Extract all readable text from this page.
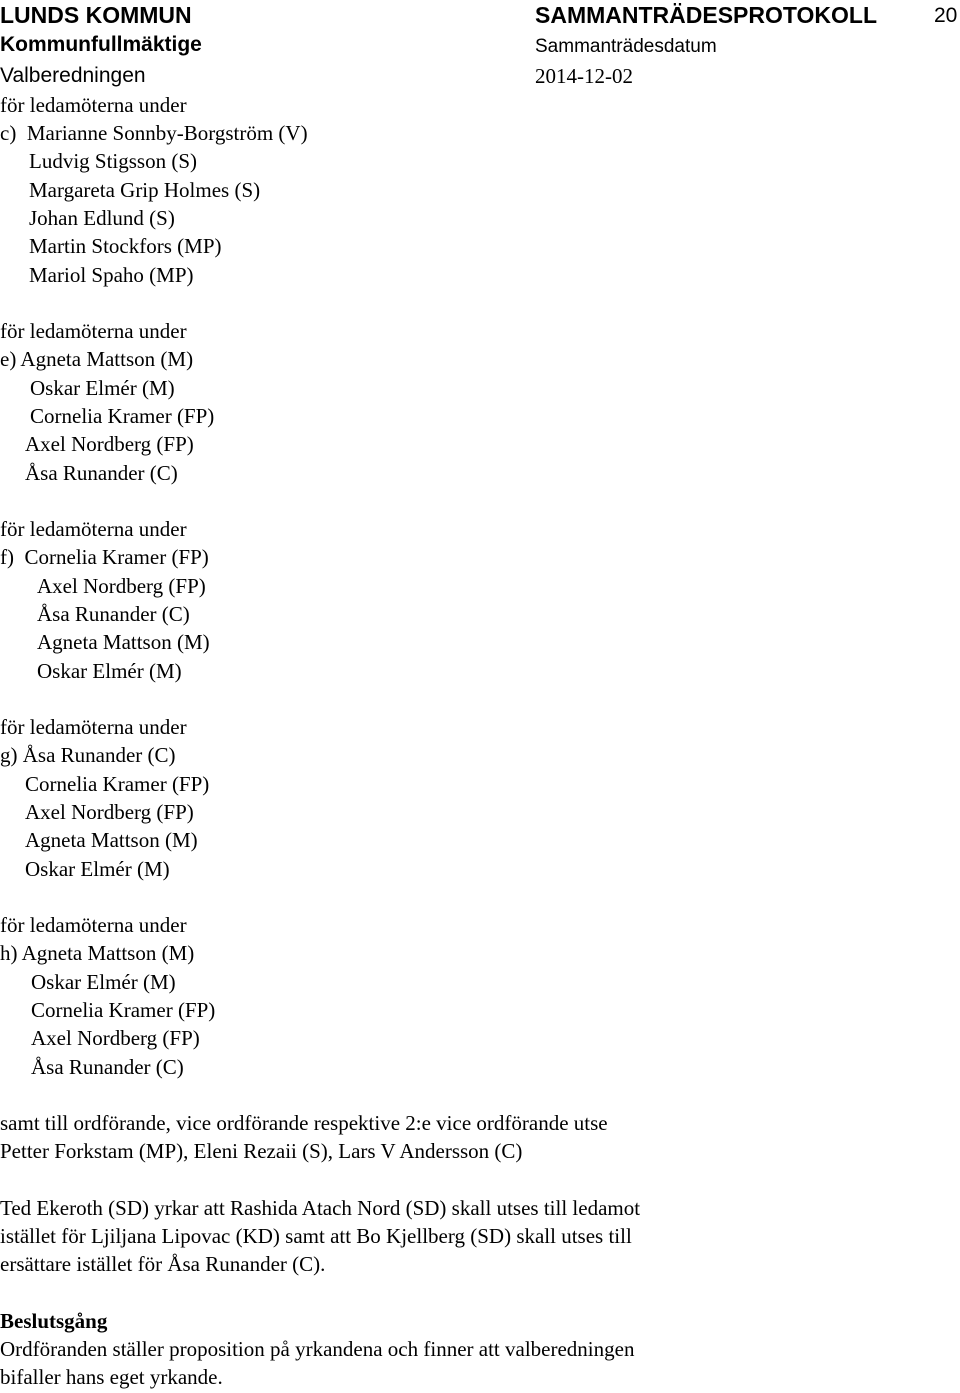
LUNDS KOMMUN
Kommunfullmäktige
Valberedningen
SAMMANTRÄDESPROTOKOLL
Sammanträdesdatum
2014-12-02
20
för ledamöterna under
c) Marianne Sonnby-Borgström (V)
Ludvig Stigsson (S)
Margareta Grip Holmes (S)
Johan Edlund (S)
Martin Stockfors (MP)
Mariol Spaho (MP)
för ledamöterna under
e) Agneta Mattson (M)
Oskar Elmér (M)
Cornelia Kramer (FP)
Axel Nordberg (FP)
Åsa Runander (C)
för ledamöterna under
f) Cornelia Kramer (FP)
Axel Nordberg (FP)
Åsa Runander (C)
Agneta Mattson (M)
Oskar Elmér (M)
för ledamöterna under
g) Åsa Runander (C)
Cornelia Kramer (FP)
Axel Nordberg (FP)
Agneta Mattson (M)
Oskar Elmér (M)
för ledamöterna under
h) Agneta Mattson (M)
Oskar Elmér (M)
Cornelia Kramer (FP)
Axel Nordberg (FP)
Åsa Runander (C)
samt till ordförande, vice ordförande respektive 2:e vice ordförande utse
Petter Forkstam (MP), Eleni Rezaii (S), Lars V Andersson (C)
Ted Ekeroth (SD) yrkar att Rashida Atach Nord (SD) skall utses till ledamot
istället för Ljiljana Lipovac (KD) samt att Bo Kjellberg (SD) skall utses till
ersättare istället för Åsa Runander (C).
Beslutsgång
Ordföranden ställer proposition på yrkandena och finner att valberedningen
bifaller hans eget yrkande.
